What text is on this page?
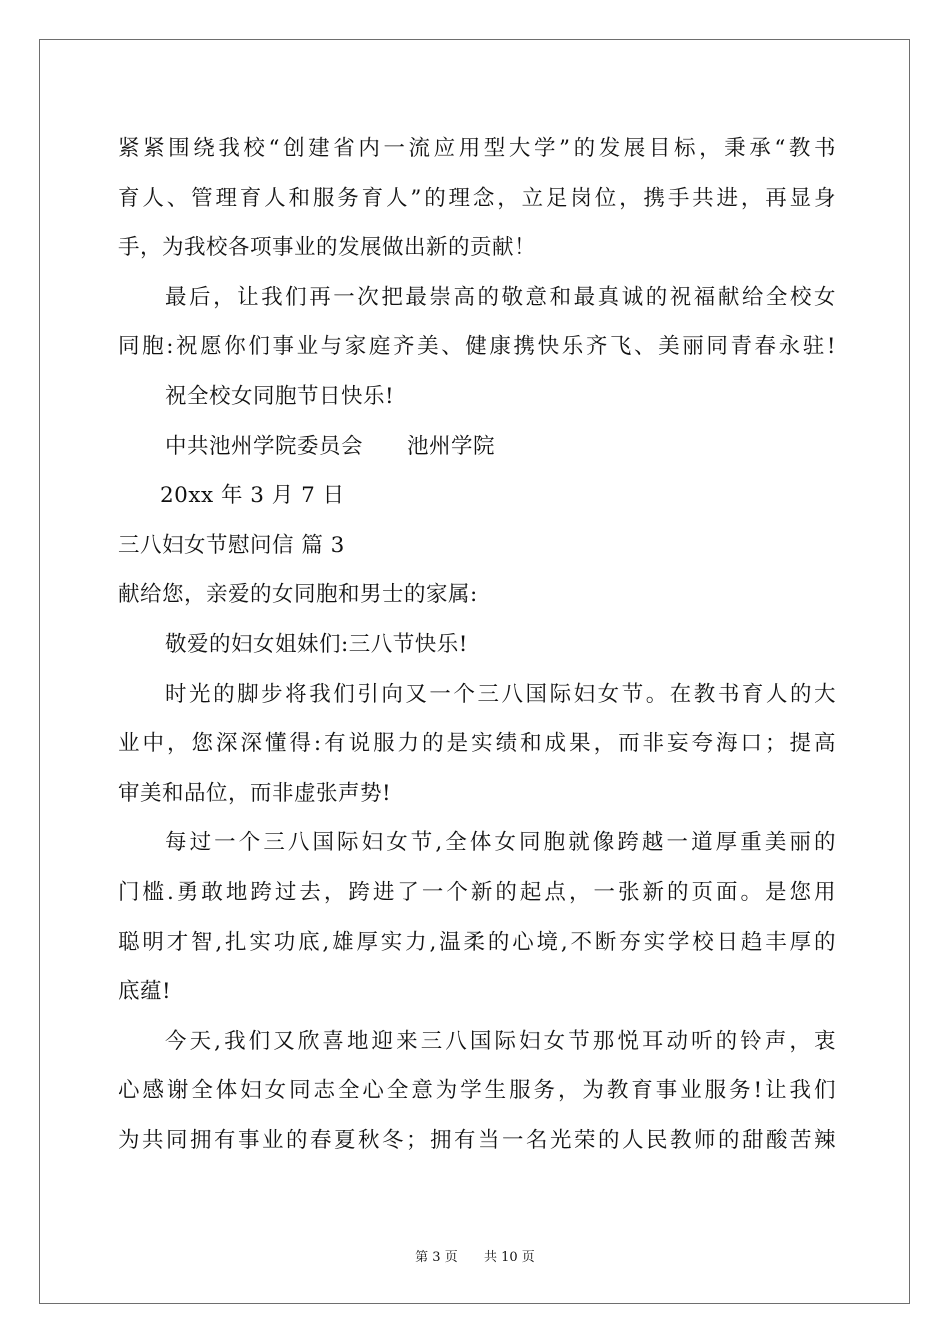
紧紧围绕我校“创建省内一流应用型大学”的发展目标，秉承“教书
育人、管理育人和服务育人”的理念，立足岗位，携手共进，再显身
手，为我校各项事业的发展做出新的贡献！
最后，让我们再一次把最崇高的敬意和最真诚的祝福献给全校女
同胞:祝愿你们事业与家庭齐美、健康携快乐齐飞、美丽同青春永驻!
祝全校女同胞节日快乐!
中共池州学院委员会　　池州学院
20xx 年 3 月 7 日
三八妇女节慰问信 篇 3
献给您，亲爱的女同胞和男士的家属:
敬爱的妇女姐妹们:三八节快乐!
时光的脚步将我们引向又一个三八国际妇女节。在教书育人的大
业中，您深深懂得:有说服力的是实绩和成果，而非妄夸海口；提高
审美和品位，而非虚张声势!
每过一个三八国际妇女节,全体女同胞就像跨越一道厚重美丽的
门槛.勇敢地跨过去，跨进了一个新的起点，一张新的页面。是您用
聪明才智,扎实功底,雄厚实力,温柔的心境,不断夯实学校日趋丰厚的
底蕴!
今天,我们又欣喜地迎来三八国际妇女节那悦耳动听的铃声，衷
心感谢全体妇女同志全心全意为学生服务，为教育事业服务!让我们
为共同拥有事业的春夏秋冬；拥有当一名光荣的人民教师的甜酸苦辣
第 3 页 共 10 页
